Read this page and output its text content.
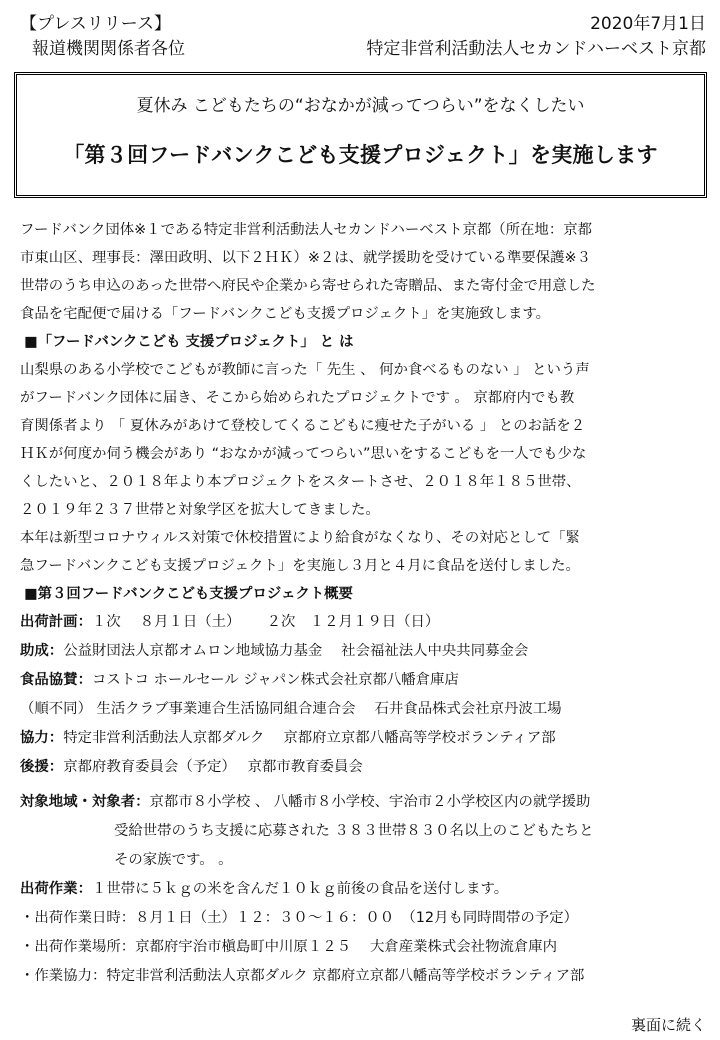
【プレスリリース】	2020年7月1日
報道機関関係者各位	特定非営利活動法人セカンドハーベスト京都
夏休み こどもたちの“おなかが減ってつらい”をなくしたい
「第３回フードバンクこども支援プロジェクト」を実施します

フードバンク団体※１である特定非営利活動法人セカンドハーベスト京都（所在地：京都

市東山区、理事長：澤田政明、以下２ＨＫ）※２は、就学援助を受けている準要保護※３

世帯のうち申込のあった世帯へ府民や企業から寄せられた寄贈品、また寄付金で用意した

食品を宅配便で届ける「フードバンクこども支援プロジェクト」を実施致します。

■「フードバンクこども 支援プロジェクト」 と は

山梨県のある小学校でこどもが教師に言った「 先生 、 何か食べるものない 」 という声

がフードバンク団体に届き、そこから始められたプロジェクトです 。 京都府内でも教

育関係者より 「 夏休みがあけて登校してくるこどもに痩せた子がいる 」 とのお話を２

ＨＫが何度か伺う機会があり “おなかが減ってつらい”思いをするこどもを一人でも少な

くしたいと、２０１８年より本プロジェクトをスタートさせ、２０１８年１８５世帯、

２０１９年２３７世帯と対象学区を拡大してきました。

本年は新型コロナウィルス対策で休校措置により給食がなくなり、その対応として「緊

急フードバンクこども支援プロジェクト」を実施し３月と４月に食品を送付しました。

■第３回フードバンクこども支援プロジェクト概要

出荷計画：１次　 ８月１日（土）　　 ２次　１２月１９日（日）

助成：公益財団法人京都オムロン地域協力基金　 社会福祉法人中央共同募金会

食品協賛：コストコ ホールセール ジャパン株式会社京都八幡倉庫店

（順不同） 生活クラブ事業連合生活協同組合連合会　 石井食品株式会社京丹波工場

協力：特定非営利活動法人京都ダルク　 京都府立京都八幡高等学校ボランティア部

後援：京都府教育委員会（予定）　 京都市教育委員会

対象地域・対象者：京都市８小学校 、 八幡市８小学校、宇治市２小学校区内の就学援助

受給世帯のうち支援に応募された ３８３世帯８３０名以上のこどもたちと

その家族です。 。

出荷作業：１世帯に５ｋｇの米を含んだ１０ｋｇ前後の食品を送付します。

・出荷作業日時：８月１日（土）１２：３０～１６：００　（12月も同時間帯の予定）

・出荷作業場所：京都府宇治市槇島町中川原１２５　 大倉産業株式会社物流倉庫内

・作業協力：特定非営利活動法人京都ダルク 京都府立京都八幡高等学校ボランティア部

裏面に続く
